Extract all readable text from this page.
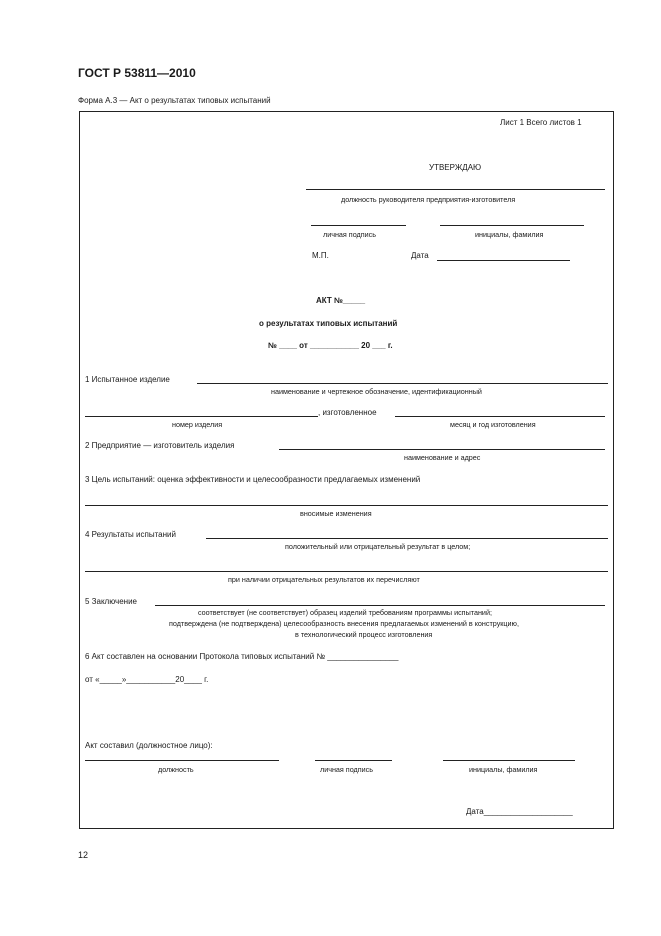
ГОСТ Р 53811—2010
Форма А.3 — Акт о результатах типовых испытаний
Лист 1 Всего листов 1
УТВЕРЖДАЮ
должность руководителя предприятия-изготовителя
личная подпись	инициалы, фамилия
М.П.	Дата
АКТ №_____
о результатах типовых испытаний
№ ____ от ___________ 20 ___ г.
1 Испытанное изделие
наименование и чертежное обозначение, идентификационный
, изготовленное
номер изделия	месяц и год изготовления
2 Предприятие — изготовитель изделия
наименование и адрес
3 Цель испытаний: оценка эффективности и целесообразности предлагаемых изменений
вносимые изменения
4 Результаты испытаний
положительный или отрицательный результат в целом;
при наличии отрицательных результатов их перечисляют
5 Заключение
соответствует (не соответствует) образец изделий требованиям программы испытаний;
подтверждена (не подтверждена) целесообразность внесения предлагаемых изменений в конструкцию,
в технологический процесс изготовления
6 Акт составлен на основании Протокола типовых испытаний № ________________
от «_____»___________20____ г.
Акт составил (должностное лицо):
должность	личная подпись	инициалы, фамилия
Дата____________________
12
